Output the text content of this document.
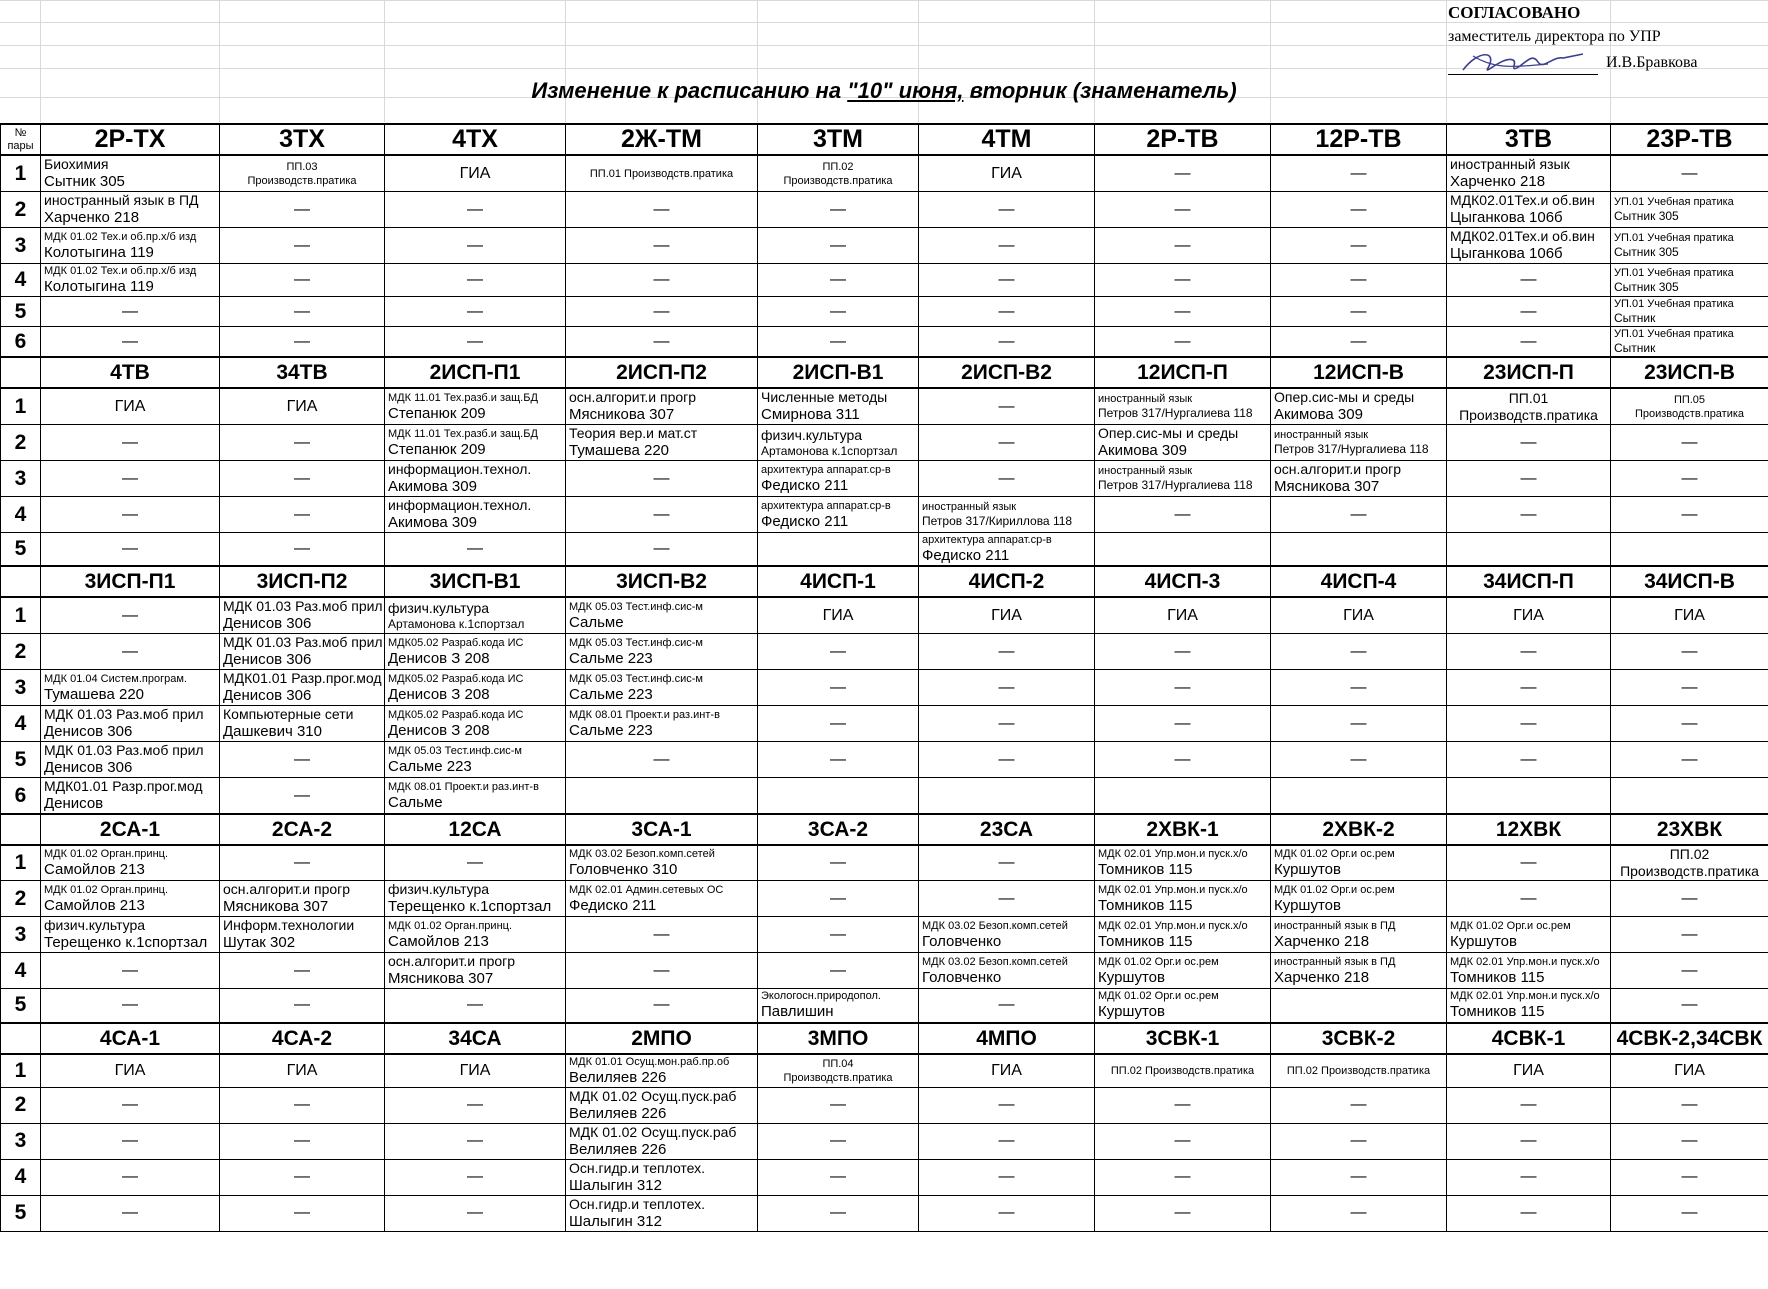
СОГЛАСОВАНО
заместитель директора по УПР
И.В.Бравкова
Изменение к расписанию на "10" июня, вторник (знаменатель)
№ пары	2Р-ТХ	3ТХ	4ТХ	2Ж-ТМ	3ТМ	4ТМ	2Р-ТВ	12Р-ТВ	3ТВ	23Р-ТВ
1	Биохимия
Сытник 305	ПП.03
Производств.пратика	ГИА	ПП.01 Производств.пратика	ПП.02
Производств.пратика	ГИА	—	—	иностранный язык
Харченко 218	—

2	иностранный язык в ПД
Харченко 218	—	—	—	—	—	—	—	МДК02.01Тех.и об.вин
Цыганкова 106б	УП.01 Учебная пратика
Сытник 305

3	МДК 01.02 Тех.и об.пр.х/б изд
Колотыгина 119	—	—	—	—	—	—	—	МДК02.01Тех.и об.вин
Цыганкова 106б	УП.01 Учебная пратика
Сытник 305

4	МДК 01.02 Тех.и об.пр.х/б изд
Колотыгина 119	—	—	—	—	—	—	—	—	УП.01 Учебная пратика
Сытник 305

5	—	—	—	—	—	—	—	—	—	УП.01 Учебная пратика
Сытник

6	—	—	—	—	—	—	—	—	—	УП.01 Учебная пратика
Сытник

	4ТВ	34ТВ	2ИСП-П1	2ИСП-П2	2ИСП-В1	2ИСП-В2	12ИСП-П	12ИСП-В	23ИСП-П	23ИСП-В
1	ГИА	ГИА	МДК 11.01 Тех.разб.и защ.БД
Степанюк 209	осн.алгорит.и прогр
Мясникова 307	Численные методы
Смирнова 311	—	иностранный язык
Петров 317/Нургалиева 118	Опер.сис-мы и среды
Акимова 309	ПП.01
Производств.пратика	ПП.05
Производств.пратика

2	—	—	МДК 11.01 Тех.разб.и защ.БД
Степанюк 209	Теория вер.и мат.ст
Тумашева 220	физич.культура
Артамонова к.1спортзал	—	Опер.сис-мы и среды
Акимова 309	иностранный язык
Петров 317/Нургалиева 118	—	—

3	—	—	информацион.технол.
Акимова 309	—	архитектура аппарат.ср-в
Федиско 211	—	иностранный язык
Петров 317/Нургалиева 118	осн.алгорит.и прогр
Мясникова 307	—	—

4	—	—	информацион.технол.
Акимова 309	—	архитектура аппарат.ср-в
Федиско 211	иностранный язык
Петров 317/Кириллова 118	—	—	—	—

5	—	—	—	—		архитектура аппарат.ср-в
Федиско 211				

	3ИСП-П1	3ИСП-П2	3ИСП-В1	3ИСП-В2	4ИСП-1	4ИСП-2	4ИСП-3	4ИСП-4	34ИСП-П	34ИСП-В
1	—	МДК 01.03 Раз.моб прил
Денисов 306	физич.культура
Артамонова к.1спортзал	МДК 05.03 Тест.инф.сис-м
Сальме	ГИА	ГИА	ГИА	ГИА	ГИА	ГИА

2	—	МДК 01.03 Раз.моб прил
Денисов 306	МДК05.02 Разраб.кода ИС
Денисов З 208	МДК 05.03 Тест.инф.сис-м
Сальме 223	—	—	—	—	—	—

3	МДК 01.04 Систем.програм.
Тумашева 220	МДК01.01 Разр.прог.мод
Денисов 306	МДК05.02 Разраб.кода ИС
Денисов З 208	МДК 05.03 Тест.инф.сис-м
Сальме 223	—	—	—	—	—	—

4	МДК 01.03 Раз.моб прил
Денисов 306	Компьютерные сети
Дашкевич 310	МДК05.02 Разраб.кода ИС
Денисов З 208	МДК 08.01 Проект.и раз.инт-в
Сальме 223	—	—	—	—	—	—

5	МДК 01.03 Раз.моб прил
Денисов 306	—	МДК 05.03 Тест.инф.сис-м
Сальме 223	—	—	—	—	—	—	—

6	МДК01.01 Разр.прог.мод
Денисов	—	МДК 08.01 Проект.и раз.инт-в
Сальме							

	2СА-1	2СА-2	12СА	3СА-1	3СА-2	23СА	2ХВК-1	2ХВК-2	12ХВК	23ХВК
1	МДК 01.02 Орган.принц.
Самойлов 213	—	—	МДК 03.02 Безоп.комп.сетей
Головченко 310	—	—	МДК 02.01 Упр.мон.и пуск.х/о
Томников 115	МДК 01.02 Орг.и ос.рем
Куршутов	—	ПП.02
Производств.пратика

2	МДК 01.02 Орган.принц.
Самойлов 213	осн.алгорит.и прогр
Мясникова 307	физич.культура
Терещенко к.1спортзал	МДК 02.01 Админ.сетевых ОС
Федиско 211	—	—	МДК 02.01 Упр.мон.и пуск.х/о
Томников 115	МДК 01.02 Орг.и ос.рем
Куршутов	—	—

3	физич.культура
Терещенко к.1спортзал	Информ.технологии
Шутак 302	МДК 01.02 Орган.принц.
Самойлов 213	—	—	МДК 03.02 Безоп.комп.сетей
Головченко	МДК 02.01 Упр.мон.и пуск.х/о
Томников 115	иностранный язык в ПД
Харченко 218	МДК 01.02 Орг.и ос.рем
Куршутов	—

4	—	—	осн.алгорит.и прогр
Мясникова 307	—	—	МДК 03.02 Безоп.комп.сетей
Головченко	МДК 01.02 Орг.и ос.рем
Куршутов	иностранный язык в ПД
Харченко 218	МДК 02.01 Упр.мон.и пуск.х/о
Томников 115	—

5	—	—	—	—	Экологосн.природопол.
Павлишин	—	МДК 01.02 Орг.и ос.рем
Куршутов		МДК 02.01 Упр.мон.и пуск.х/о
Томников 115	—

	4СА-1	4СА-2	34СА	2МПО	3МПО	4МПО	3СВК-1	3СВК-2	4СВК-1	4СВК-2,34СВК
1	ГИА	ГИА	ГИА	МДК 01.01 Осущ.мон.раб.пр.об
Велиляев 226	ПП.04
Производств.пратика	ГИА	ПП.02 Производств.пратика	ПП.02 Производств.пратика	ГИА	ГИА

2	—	—	—	МДК 01.02 Осущ.пуск.раб
Велиляев 226	—	—	—	—	—	—

3	—	—	—	МДК 01.02 Осущ.пуск.раб
Велиляев 226	—	—	—	—	—	—

4	—	—	—	Осн.гидр.и теплотех.
Шалыгин 312	—	—	—	—	—	—

5	—	—	—	Осн.гидр.и теплотех.
Шалыгин 312	—	—	—	—	—	—
